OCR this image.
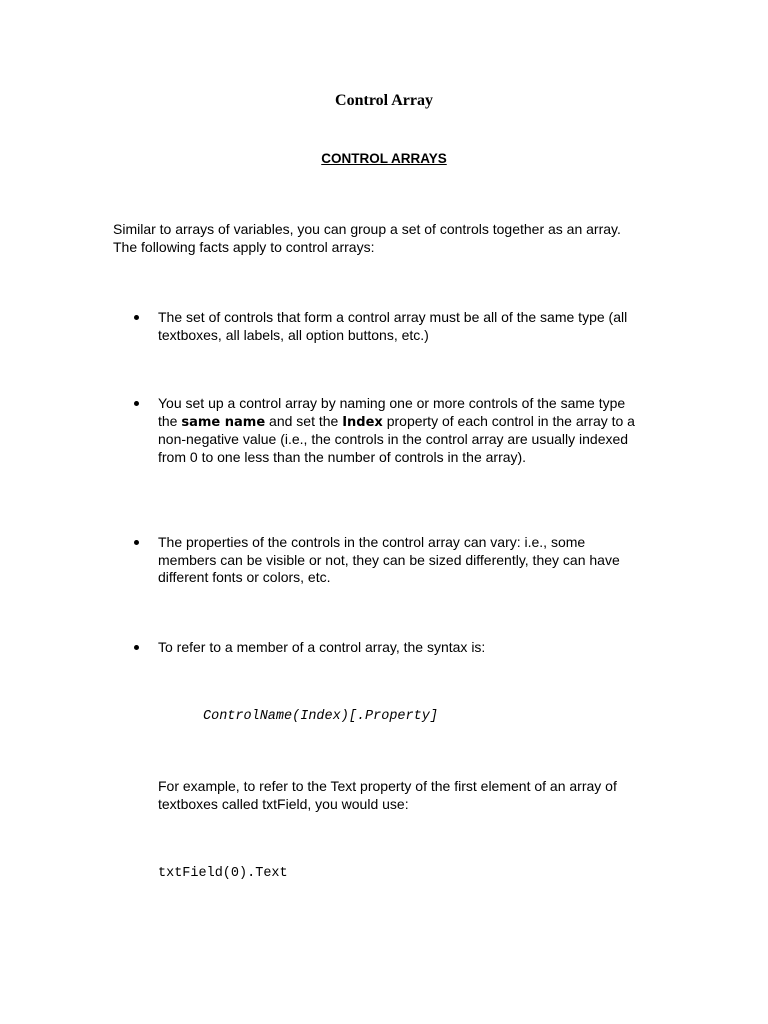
Control Array
CONTROL ARRAYS
Similar to arrays of variables, you can group a set of controls together as an array. The following facts apply to control arrays:
The set of controls that form a control array must be all of the same type (all textboxes, all labels, all option buttons, etc.)
You set up a control array by naming one or more controls of the same type the same name and set the Index property of each control in the array to a non-negative value (i.e., the controls in the control array are usually indexed from 0 to one less than the number of controls in the array).
The properties of the controls in the control array can vary: i.e., some members can be visible or not, they can be sized differently, they can have different fonts or colors, etc.
To refer to a member of a control array, the syntax is:
ControlName(Index)[.Property]
For example, to refer to the Text property of the first element of an array of textboxes called txtField, you would use:
txtField(0).Text
